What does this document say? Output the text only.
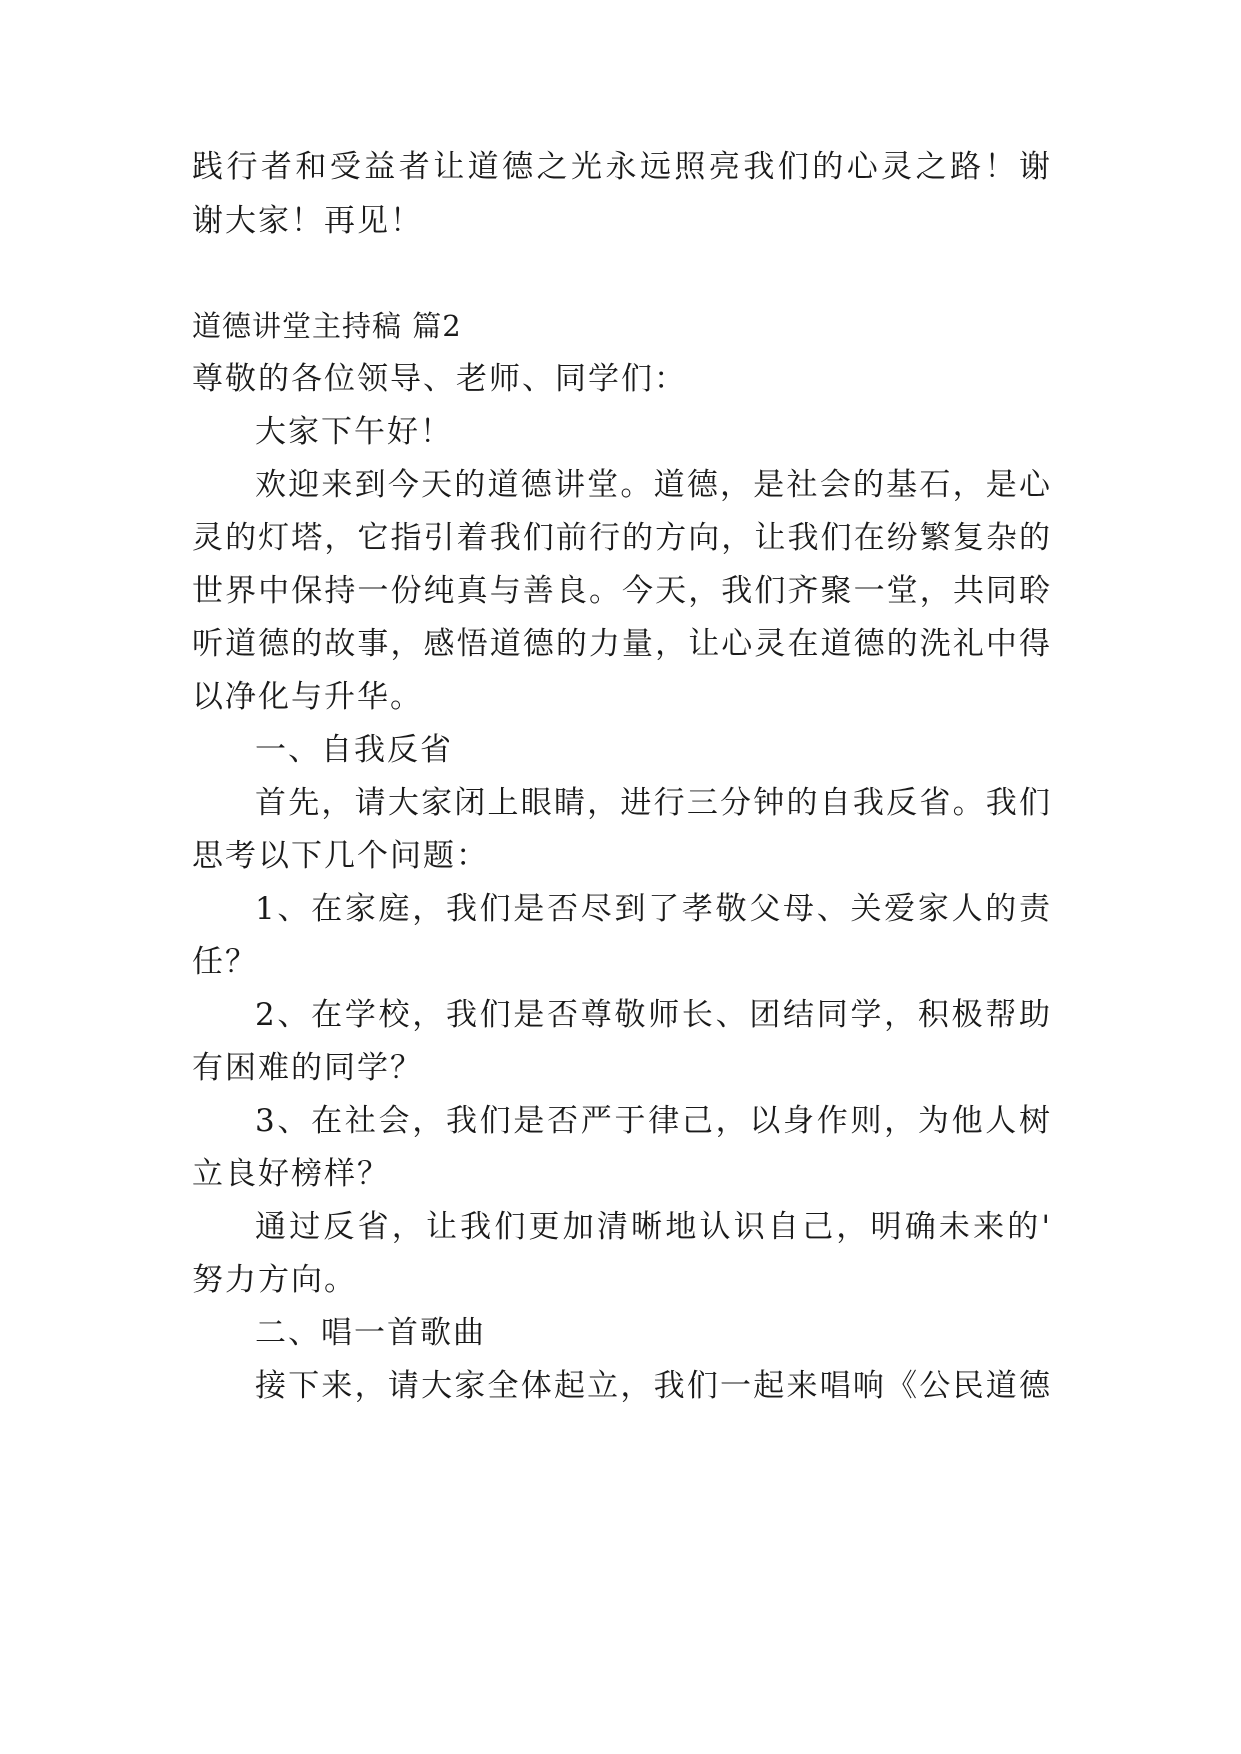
践行者和受益者让道德之光永远照亮我们的心灵之路！谢
谢大家！再见！
道德讲堂主持稿 篇2
尊敬的各位领导、老师、同学们：
大家下午好！
欢迎来到今天的道德讲堂。道德，是社会的基石，是心
灵的灯塔，它指引着我们前行的方向，让我们在纷繁复杂的
世界中保持一份纯真与善良。今天，我们齐聚一堂，共同聆
听道德的故事，感悟道德的力量，让心灵在道德的洗礼中得
以净化与升华。
一、自我反省
首先，请大家闭上眼睛，进行三分钟的自我反省。我们
思考以下几个问题：
1、在家庭，我们是否尽到了孝敬父母、关爱家人的责
任？
2、在学校，我们是否尊敬师长、团结同学，积极帮助
有困难的同学？
3、在社会，我们是否严于律己，以身作则，为他人树
立良好榜样？
通过反省，让我们更加清晰地认识自己，明确未来的'
努力方向。
二、唱一首歌曲
接下来，请大家全体起立，我们一起来唱响《公民道德
